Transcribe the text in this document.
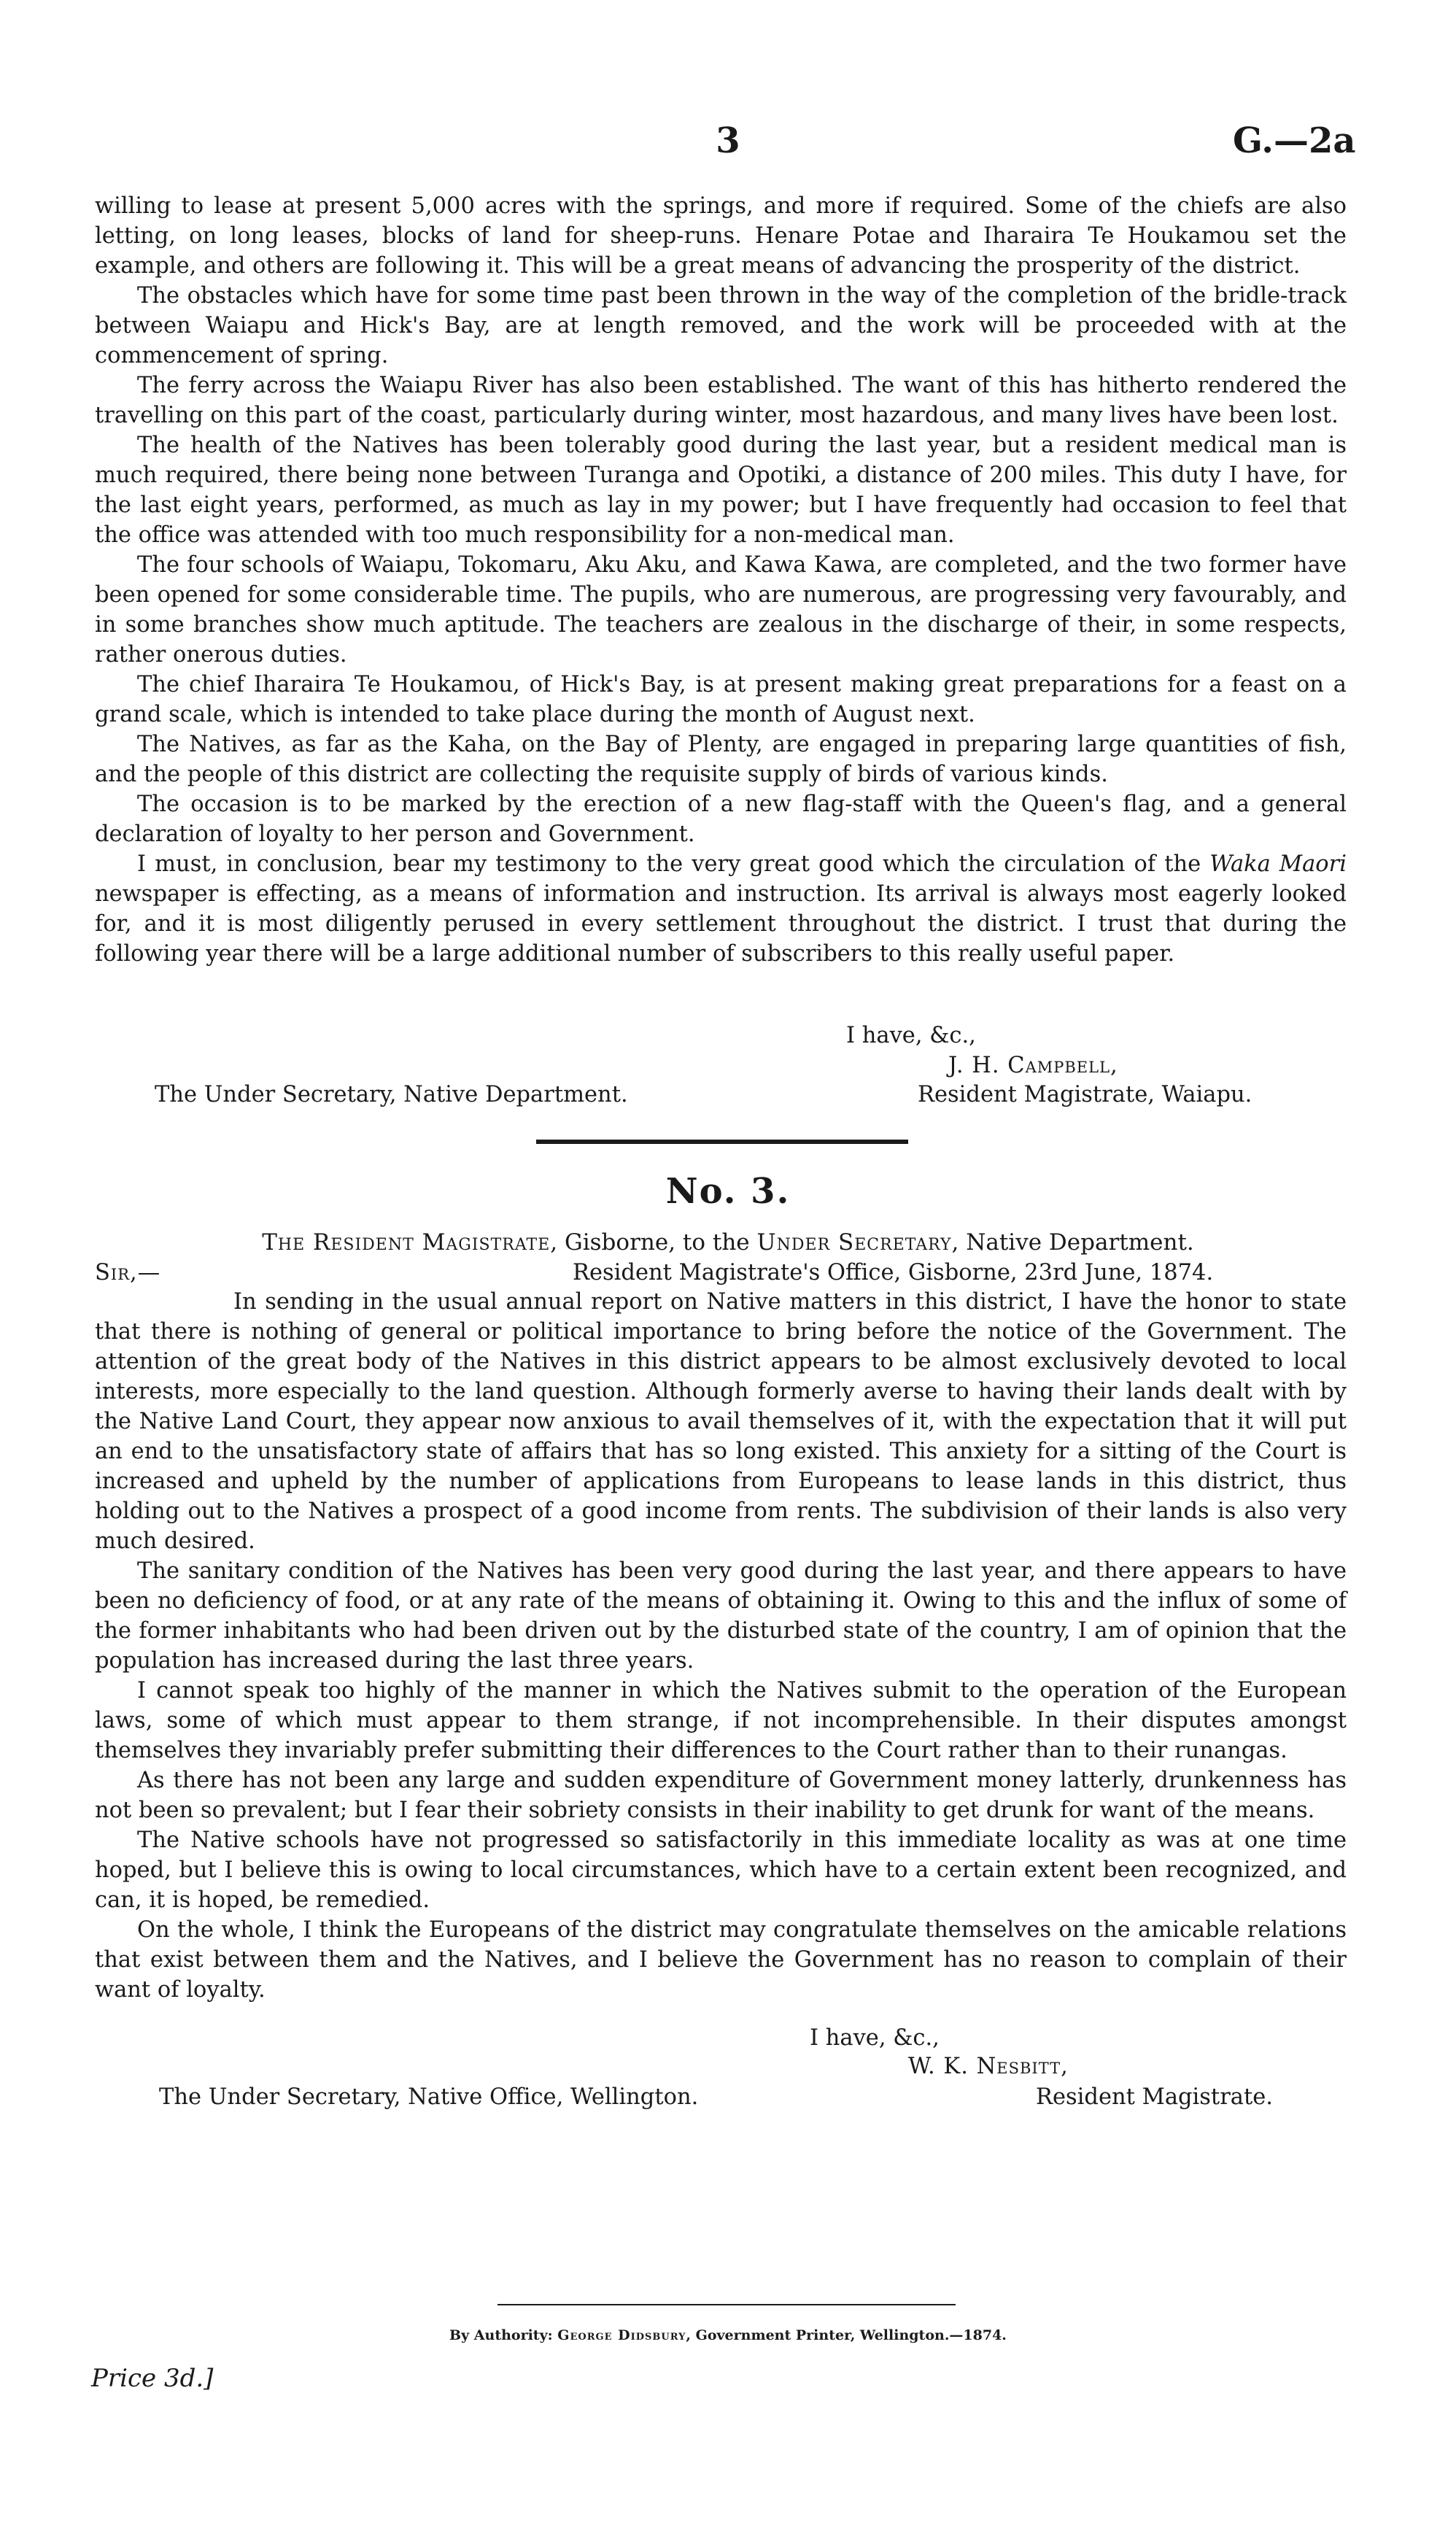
3	G.—2a

willing to lease at present 5,000 acres with the springs, and more if required. Some of the chiefs are also letting, on long leases, blocks of land for sheep-runs. Henare Potae and Iharaira Te Houkamou set the example, and others are following it. This will be a great means of advancing the prosperity of the district.

The obstacles which have for some time past been thrown in the way of the completion of the bridle-track between Waiapu and Hick's Bay, are at length removed, and the work will be proceeded with at the commencement of spring.

The ferry across the Waiapu River has also been established. The want of this has hitherto rendered the travelling on this part of the coast, particularly during winter, most hazardous, and many lives have been lost.

The health of the Natives has been tolerably good during the last year, but a resident medical man is much required, there being none between Turanga and Opotiki, a distance of 200 miles. This duty I have, for the last eight years, performed, as much as lay in my power; but I have frequently had occasion to feel that the office was attended with too much responsibility for a non-medical man.

The four schools of Waiapu, Tokomaru, Aku Aku, and Kawa Kawa, are completed, and the two former have been opened for some considerable time. The pupils, who are numerous, are progressing very favourably, and in some branches show much aptitude. The teachers are zealous in the discharge of their, in some respects, rather onerous duties.

The chief Iharaira Te Houkamou, of Hick's Bay, is at present making great preparations for a feast on a grand scale, which is intended to take place during the month of August next.

The Natives, as far as the Kaha, on the Bay of Plenty, are engaged in preparing large quantities of fish, and the people of this district are collecting the requisite supply of birds of various kinds.

The occasion is to be marked by the erection of a new flag-staff with the Queen's flag, and a general declaration of loyalty to her person and Government.

I must, in conclusion, bear my testimony to the very great good which the circulation of the Waka Maori newspaper is effecting, as a means of information and instruction. Its arrival is always most eagerly looked for, and it is most diligently perused in every settlement throughout the district. I trust that during the following year there will be a large additional number of subscribers to this really useful paper.

I have, &c.,
J. H. Campbell,
The Under Secretary, Native Department.	Resident Magistrate, Waiapu.
No. 3.
The Resident Magistrate, Gisborne, to the Under Secretary, Native Department.
Sir,—	Resident Magistrate's Office, Gisborne, 23rd June, 1874.

In sending in the usual annual report on Native matters in this district, I have the honor to state that there is nothing of general or political importance to bring before the notice of the Government. The attention of the great body of the Natives in this district appears to be almost exclusively devoted to local interests, more especially to the land question. Although formerly averse to having their lands dealt with by the Native Land Court, they appear now anxious to avail themselves of it, with the expectation that it will put an end to the unsatisfactory state of affairs that has so long existed. This anxiety for a sitting of the Court is increased and upheld by the number of applications from Europeans to lease lands in this district, thus holding out to the Natives a prospect of a good income from rents. The subdivision of their lands is also very much desired.

The sanitary condition of the Natives has been very good during the last year, and there appears to have been no deficiency of food, or at any rate of the means of obtaining it. Owing to this and the influx of some of the former inhabitants who had been driven out by the disturbed state of the country, I am of opinion that the population has increased during the last three years.

I cannot speak too highly of the manner in which the Natives submit to the operation of the European laws, some of which must appear to them strange, if not incomprehensible. In their disputes amongst themselves they invariably prefer submitting their differences to the Court rather than to their runangas.

As there has not been any large and sudden expenditure of Government money latterly, drunkenness has not been so prevalent; but I fear their sobriety consists in their inability to get drunk for want of the means.

The Native schools have not progressed so satisfactorily in this immediate locality as was at one time hoped, but I believe this is owing to local circumstances, which have to a certain extent been recognized, and can, it is hoped, be remedied.

On the whole, I think the Europeans of the district may congratulate themselves on the amicable relations that exist between them and the Natives, and I believe the Government has no reason to complain of their want of loyalty.

I have, &c.,
W. K. Nesbitt,
The Under Secretary, Native Office, Wellington.	Resident Magistrate.
By Authority: George Didsbury, Government Printer, Wellington.—1874.
Price 3d.]
